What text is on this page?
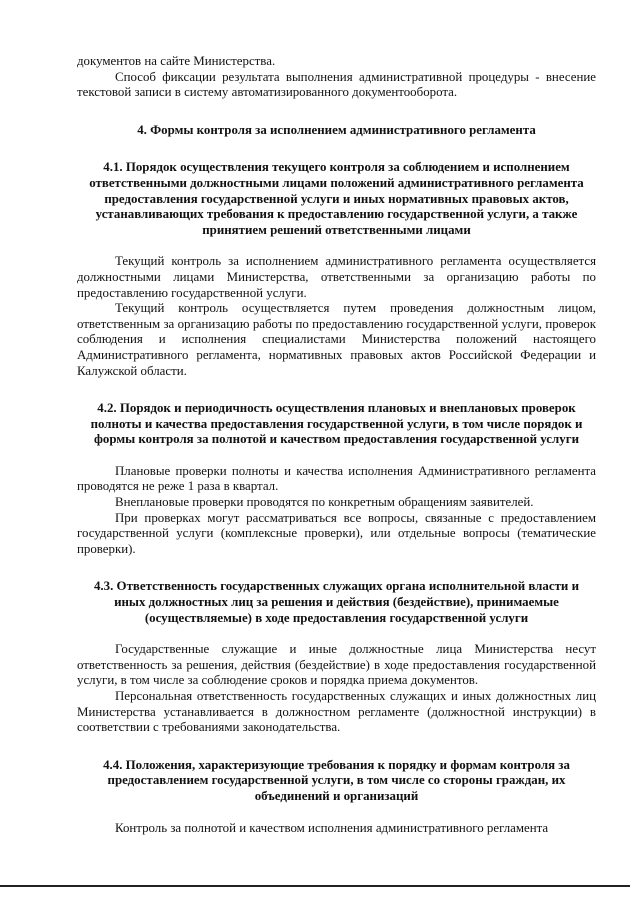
документов на сайте Министерства.

Способ фиксации результата выполнения административной процедуры - внесение текстовой записи в систему автоматизированного документооборота.

4. Формы контроля за исполнением административного регламента
4.1. Порядок осуществления текущего контроля за соблюдением и исполнением ответственными должностными лицами положений административного регламента предоставления государственной услуги и иных нормативных правовых актов, устанавливающих требования к предоставлению государственной услуги, а также принятием решений ответственными лицами

Текущий контроль за исполнением административного регламента осуществляется должностными лицами Министерства, ответственными за организацию работы по предоставлению государственной услуги.

Текущий контроль осуществляется путем проведения должностным лицом, ответственным за организацию работы по предоставлению государственной услуги, проверок соблюдения и исполнения специалистами Министерства положений настоящего Административного регламента, нормативных правовых актов Российской Федерации и Калужской области.

4.2. Порядок и периодичность осуществления плановых и внеплановых проверок полноты и качества предоставления государственной услуги, в том числе порядок и формы контроля за полнотой и качеством предоставления государственной услуги

Плановые проверки полноты и качества исполнения Административного регламента проводятся не реже 1 раза в квартал.

Внеплановые проверки проводятся по конкретным обращениям заявителей.

При проверках могут рассматриваться все вопросы, связанные с предоставлением государственной услуги (комплексные проверки), или отдельные вопросы (тематические проверки).

4.3. Ответственность государственных служащих органа исполнительной власти и иных должностных лиц за решения и действия (бездействие), принимаемые (осуществляемые) в ходе предоставления государственной услуги

Государственные служащие и иные должностные лица Министерства несут ответственность за решения, действия (бездействие) в ходе предоставления государственной услуги, в том числе за соблюдение сроков и порядка приема документов.

Персональная ответственность государственных служащих и иных должностных лиц Министерства устанавливается в должностном регламенте (должностной инструкции) в соответствии с требованиями законодательства.

4.4. Положения, характеризующие требования к порядку и формам контроля за предоставлением государственной услуги, в том числе со стороны граждан, их объединений и организаций

Контроль за полнотой и качеством исполнения административного регламента
